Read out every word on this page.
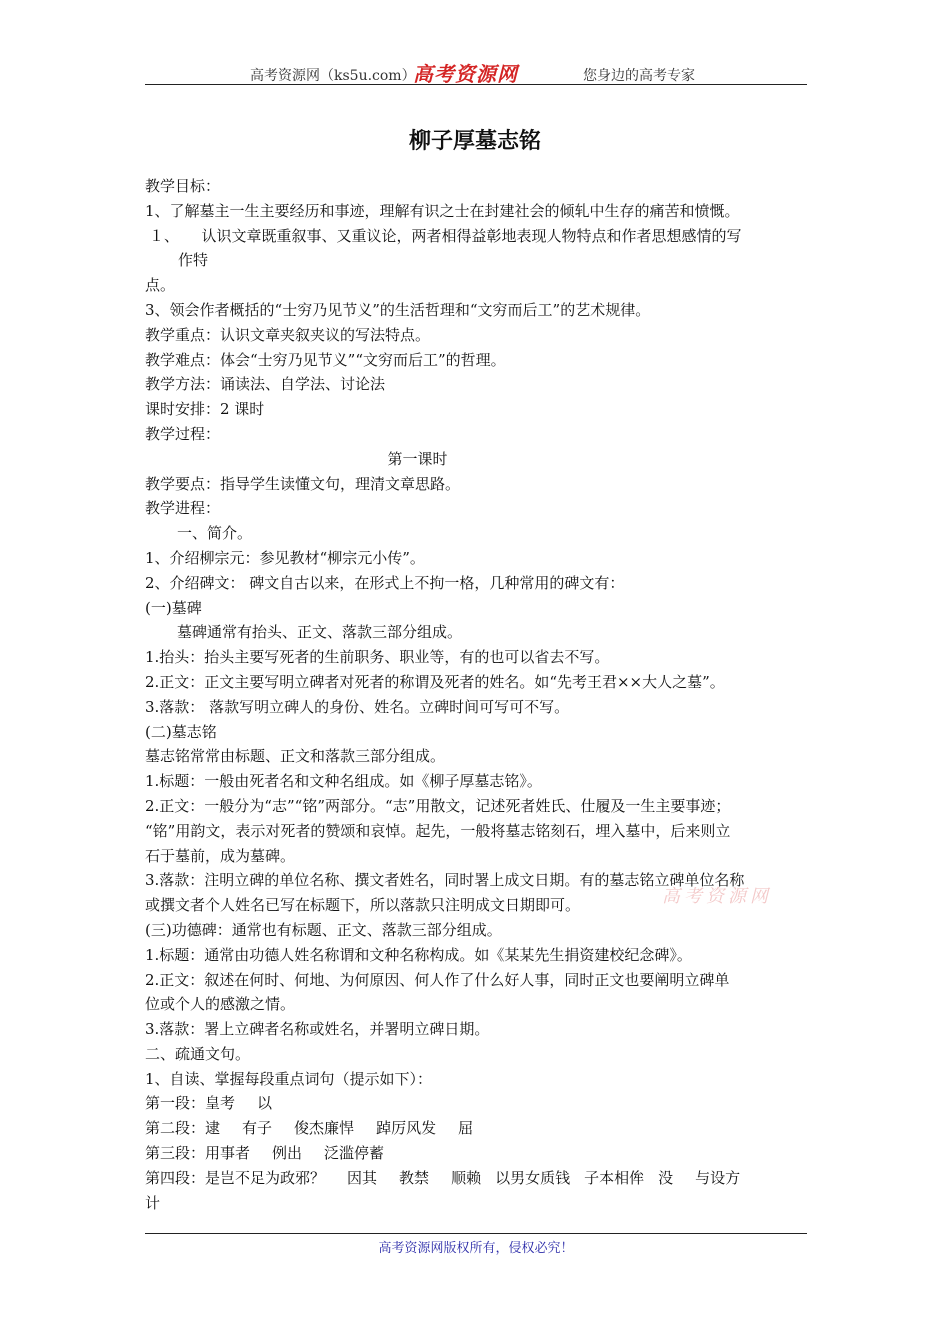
高考资源网（ks5u.com）
高考资源网	您身边的高考专家
柳子厚墓志铭
教学目标：
1、了解墓主一生主要经历和事迹，理解有识之士在封建社会的倾轧中生存的痛苦和愤慨。
１、　　认识文章既重叙事、又重议论，两者相得益彰地表现人物特点和作者思想感情的写
作特
点。
3、领会作者概括的“士穷乃见节义”的生活哲理和“文穷而后工”的艺术规律。
教学重点：认识文章夹叙夹议的写法特点。
教学难点：体会“士穷乃见节义”“文穷而后工”的哲理。
教学方法：诵读法、自学法、讨论法
课时安排：2 课时
教学过程：
第一课时
教学要点：指导学生读懂文句，理清文章思路。
教学进程：
一、简介。
1、介绍柳宗元：参见教材“柳宗元小传”。
2、介绍碑文： 碑文自古以来，在形式上不拘一格，几种常用的碑文有：
(一)墓碑
墓碑通常有抬头、正文、落款三部分组成。
1.抬头：抬头主要写死者的生前职务、职业等，有的也可以省去不写。
2.正文：正文主要写明立碑者对死者的称谓及死者的姓名。如“先考王君××大人之墓”。
3.落款： 落款写明立碑人的身份、姓名。立碑时间可写可不写。
(二)墓志铭
墓志铭常常由标题、正文和落款三部分组成。
1.标题：一般由死者名和文种名组成。如《柳子厚墓志铭》。
2.正文：一般分为“志”“铭”两部分。“志”用散文，记述死者姓氏、仕履及一生主要事迹；
“铭”用韵文，表示对死者的赞颂和哀悼。起先，一般将墓志铭刻石，埋入墓中，后来则立
石于墓前，成为墓碑。
3.落款：注明立碑的单位名称、撰文者姓名，同时署上成文日期。有的墓志铭立碑单位名称
或撰文者个人姓名已写在标题下，所以落款只注明成文日期即可。
(三)功德碑：通常也有标题、正文、落款三部分组成。
1.标题：通常由功德人姓名称谓和文种名称构成。如《某某先生捐资建校纪念碑》。
2.正文：叙述在何时、何地、为何原因、何人作了什么好人事，同时正文也要阐明立碑单
位或个人的感激之情。
3.落款：署上立碑者名称或姓名，并署明立碑日期。
二、疏通文句。
1、自读、掌握每段重点词句（提示如下）：
第一段：皇考 以
第二段：逮 有子 俊杰廉悍 踔厉风发 屈
第三段：用事者 例出 泛滥停蓄
第四段：是岂不足为政邪？ 因其 教禁 顺赖 以男女质钱 子本相侔 没 与设方
计
高考资源网
高考资源网版权所有，侵权必究！
